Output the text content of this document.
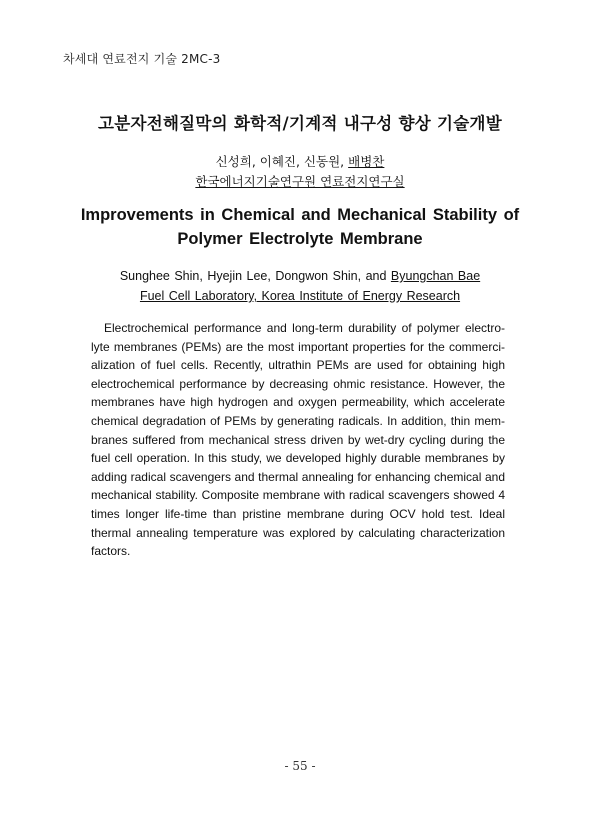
차세대 연료전지 기술 2MC-3
고분자전해질막의 화학적/기계적 내구성 향상 기술개발
신성희, 이혜진, 신동원, 배병찬
한국에너지기술연구원 연료전지연구실
Improvements in Chemical and Mechanical Stability of
Polymer Electrolyte Membrane
Sunghee Shin, Hyejin Lee, Dongwon Shin, and Byungchan Bae
Fuel Cell Laboratory, Korea Institute of Energy Research

Electrochemical performance and long-term durability of polymer electrolyte membranes (PEMs) are the most important properties for the commercialization of fuel cells. Recently, ultrathin PEMs are used for obtaining high electrochemical performance by decreasing ohmic resistance. However, the membranes have high hydrogen and oxygen permeability, which accelerate chemical degradation of PEMs by generating radicals. In addition, thin membranes suffered from mechanical stress driven by wet-dry cycling during the fuel cell operation. In this study, we developed highly durable membranes by adding radical scavengers and thermal annealing for enhancing chemical and mechanical stability. Composite membrane with radical scavengers showed 4 times longer life-time than pristine membrane during OCV hold test. Ideal thermal annealing temperature was explored by calculating characterization factors.

- 55 -
